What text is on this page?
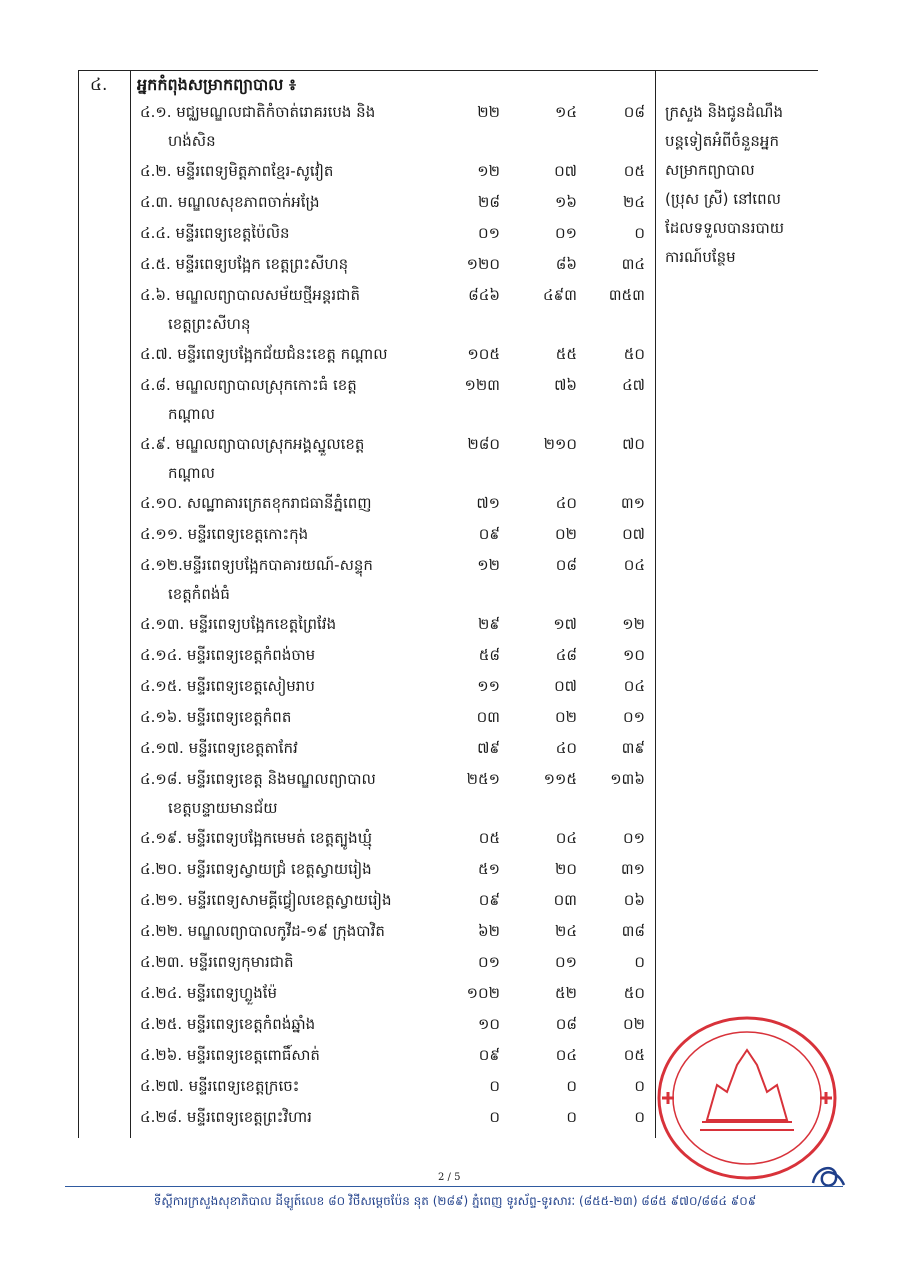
៤. អ្នកកំពុងសម្រាកព្យាបាល ៖
៤.១. មជ្ឈមណ្ឌលជាតិកំចាត់រោគរបេង និង
ហង់សិន
២២	១៤	០៨
៤.២. មន្ទីរពេទ្យមិត្តភាពខ្មែរ-សូវៀត	១២	០៧	០៥
៤.៣. មណ្ឌលសុខភាពចាក់អង្រែ	២៨	១៦	២៤
៤.៤. មន្ទីរពេទ្យខេត្តប៉ៃលិន	០១	០១	០
៤.៥. មន្ទីរពេទ្យបង្អែក ខេត្តព្រះសីហនុ	១២០	៨៦	៣៤
៤.៦. មណ្ឌលព្យាបាលសម័យថ្មីអន្តរជាតិ
ខេត្តព្រះសីហនុ
៨៤៦	៤៩៣	៣៥៣
៤.៧. មន្ទីរពេទ្យបង្អែកជ័យជំនះខេត្ត កណ្ដាល	១០៥	៥៥	៥០
៤.៨. មណ្ឌលព្យាបាលស្រុកកោះធំ ខេត្ត
កណ្ដាល
១២៣	៧៦	៤៧
៤.៩. មណ្ឌលព្យាបាលស្រុកអង្គស្នួលខេត្ត
កណ្ដាល
២៨០	២១០	៧០
៤.១០. សណ្ឋាគារក្រេតខុករាជធានីភ្នំពេញ	៧១	៤០	៣១
៤.១១. មន្ទីរពេទ្យខេត្តកោះកុង	០៩	០២	០៧
៤.១២.មន្ទីរពេទ្យបង្អែកបាគារយណ៍-សន្ទុក
ខេត្តកំពង់ធំ
១២	០៨	០៤
៤.១៣. មន្ទីរពេទ្យបង្អែកខេត្តព្រៃវែង	២៩	១៧	១២
៤.១៤. មន្ទីរពេទ្យខេត្តកំពង់ចាម	៥៨	៤៨	១០
៤.១៥. មន្ទីរពេទ្យខេត្តសៀមរាប	១១	០៧	០៤
៤.១៦. មន្ទីរពេទ្យខេត្តកំពត	០៣	០២	០១
៤.១៧. មន្ទីរពេទ្យខេត្តតាកែវ	៧៩	៤០	៣៩
៤.១៨. មន្ទីរពេទ្យខេត្ត និងមណ្ឌលព្យាបាល
ខេត្តបន្ទាយមានជ័យ
២៥១	១១៥	១៣៦
៤.១៩. មន្ទីរពេទ្យបង្អែកមេមត់ ខេត្តត្បូងឃ្មុំ	០៥	០៤	០១
៤.២០. មន្ទីរពេទ្យស្វាយជ្រំ ខេត្តស្វាយរៀង	៥១	២០	៣១
៤.២១. មន្ទីរពេទ្យសាមគ្គីជ្វៀលខេត្តស្វាយរៀង	០៩	០៣	០៦
៤.២២. មណ្ឌលព្យាបាលកូវីដ-១៩ ក្រុងបាវិត	៦២	២៤	៣៨
៤.២៣. មន្ទីរពេទ្យកុមារជាតិ	០១	០១	០
៤.២៤. មន្ទីរពេទ្យហ្លួងម៉ែ	១០២	៥២	៥០
៤.២៥. មន្ទីរពេទ្យខេត្តកំពង់ឆ្នាំង	១០	០៨	០២
៤.២៦. មន្ទីរពេទ្យខេត្តពោធិ៍សាត់	០៩	០៤	០៥
៤.២៧. មន្ទីរពេទ្យខេត្តក្រចេះ	០	០	០
៤.២៨. មន្ទីរពេទ្យខេត្តព្រះវិហារ	០	០	០
ក្រសួង និងជូនដំណឹង
បន្តទៀតអំពីចំនួនអ្នក
សម្រាកព្យាបាល
(ប្រុស ស្រី) នៅពេល
ដែលទទួលបានរបាយ
ការណ៍បន្ថែម
2 / 5
ទីស្តីការក្រសួងសុខាភិបាល ដីឡូត៍លេខ ៨០ វិថីសម្ដេចប៉ែន នុត (២៨៩) ភ្នំពេញ ទូរស័ព្ទ-ទូរសារៈ (៨៥៥-២៣) ៨៨៥ ៩៧០/៨៨៤ ៩០៩
